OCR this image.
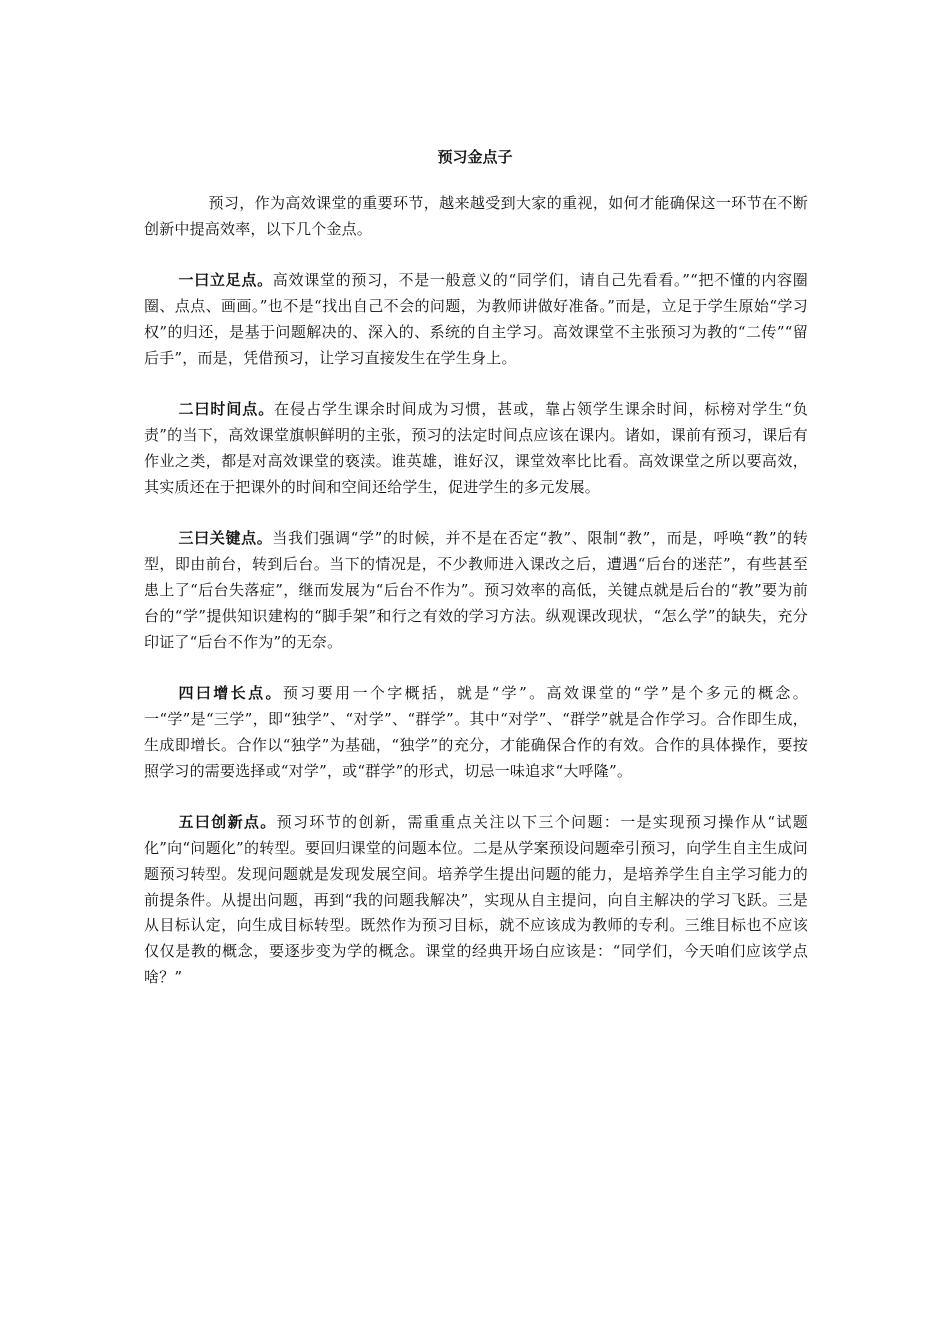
预习金点子

预习，作为高效课堂的重要环节，越来越受到大家的重视，如何才能确保这一环节在不断创新中提高效率，以下几个金点。

一曰立足点。高效课堂的预习，不是一般意义的“同学们，请自己先看看。”“把不懂的内容圈圈、点点、画画。”也不是“找出自己不会的问题，为教师讲做好准备。”而是，立足于学生原始“学习权”的归还，是基于问题解决的、深入的、系统的自主学习。高效课堂不主张预习为教的“二传”“留后手”，而是，凭借预习，让学习直接发生在学生身上。

二曰时间点。在侵占学生课余时间成为习惯，甚或，靠占领学生课余时间，标榜对学生“负责”的当下，高效课堂旗帜鲜明的主张，预习的法定时间点应该在课内。诸如，课前有预习，课后有作业之类，都是对高效课堂的亵渎。谁英雄，谁好汉，课堂效率比比看。高效课堂之所以要高效，其实质还在于把课外的时间和空间还给学生，促进学生的多元发展。

三曰关键点。当我们强调“学”的时候，并不是在否定“教”、限制“教”，而是，呼唤“教”的转型，即由前台，转到后台。当下的情况是，不少教师进入课改之后，遭遇“后台的迷茫”，有些甚至患上了“后台失落症”，继而发展为“后台不作为”。预习效率的高低，关键点就是后台的“教”要为前台的“学”提供知识建构的“脚手架”和行之有效的学习方法。纵观课改现状，“怎么学”的缺失，充分印证了“后台不作为”的无奈。

四曰增长点。预习要用一个字概括，就是“学”。高效课堂的“学”是个多元的概念。一“学”是“三学”，即“独学”、“对学”、“群学”。其中“对学”、“群学”就是合作学习。合作即生成，生成即增长。合作以“独学”为基础，“独学”的充分，才能确保合作的有效。合作的具体操作，要按照学习的需要选择或“对学”，或“群学”的形式，切忌一味追求“大呼隆”。

五曰创新点。预习环节的创新，需重重点关注以下三个问题：一是实现预习操作从“试题化”向“问题化”的转型。要回归课堂的问题本位。二是从学案预设问题牵引预习，向学生自主生成问题预习转型。发现问题就是发现发展空间。培养学生提出问题的能力，是培养学生自主学习能力的前提条件。从提出问题，再到“我的问题我解决”，实现从自主提问，向自主解决的学习飞跃。三是从目标认定，向生成目标转型。既然作为预习目标，就不应该成为教师的专利。三维目标也不应该仅仅是教的概念，要逐步变为学的概念。课堂的经典开场白应该是：“同学们，今天咱们应该学点啥？”
